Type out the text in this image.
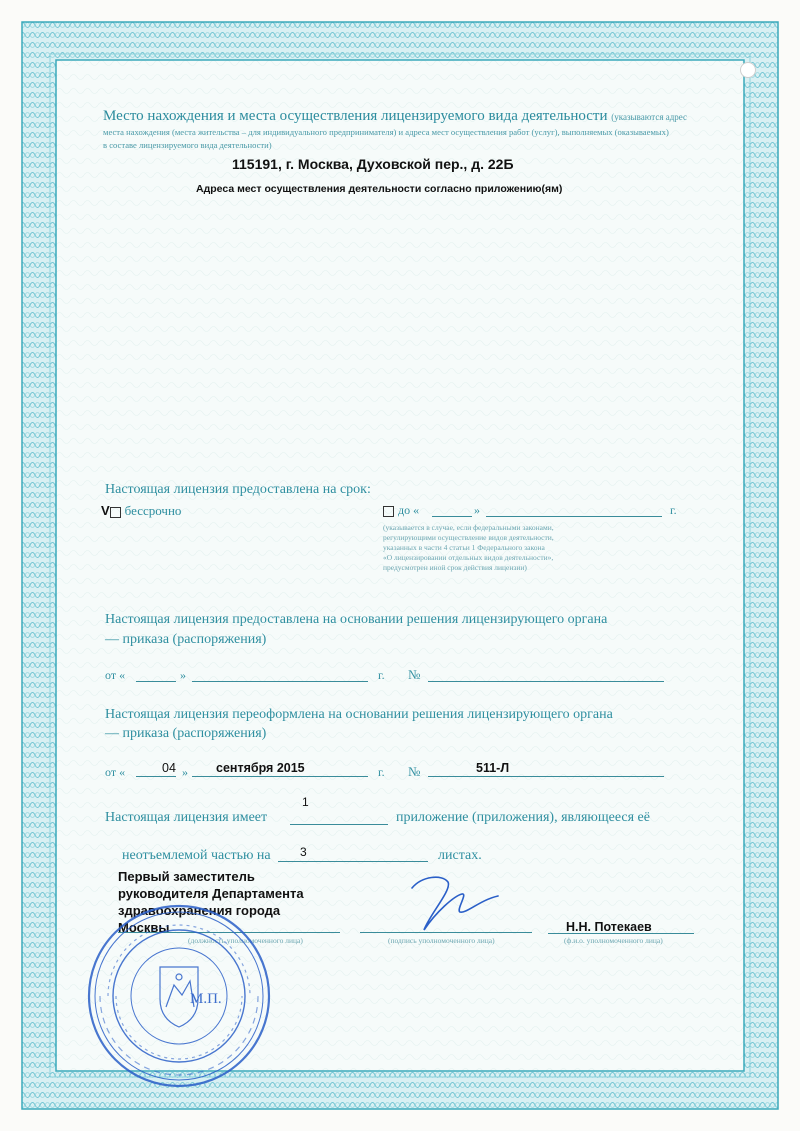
Место нахождения и места осуществления лицензируемого вида деятельности (указываются адрес
места нахождения (места жительства – для индивидуального предпринимателя) и адреса мест осуществления работ (услуг), выполняемых (оказываемых)
в составе лицензируемого вида деятельности)
115191, г. Москва, Духовской пер., д. 22Б
Адреса мест осуществления деятельности согласно приложению(ям)
Настоящая лицензия предоставлена на срок:
V бессрочно	до «	»	г.
(указывается в случае, если федеральными законами,
регулирующими осуществление видов деятельности,
указанных в части 4 статьи 1 Федерального закона
«О лицензировании отдельных видов деятельности»,
предусмотрен иной срок действия лицензии)
Настоящая лицензия предоставлена на основании решения лицензирующего органа
— приказа (распоряжения)
от «	»	г. №
Настоящая лицензия переоформлена на основании решения лицензирующего органа
— приказа (распоряжения)
от «	04 » сентября 2015	г. №	511-Л
1
Настоящая лицензия имеет	приложение (приложения), являющееся её
неотъемлемой частью на 3	листах.
Первый заместитель
руководителя Департамента
здравоохранения города
Москвы
(должность уполномоченного лица)	(подпись уполномоченного лица)
Н.Н. Потекаев
(ф.и.о. уполномоченного лица)
М.П.
